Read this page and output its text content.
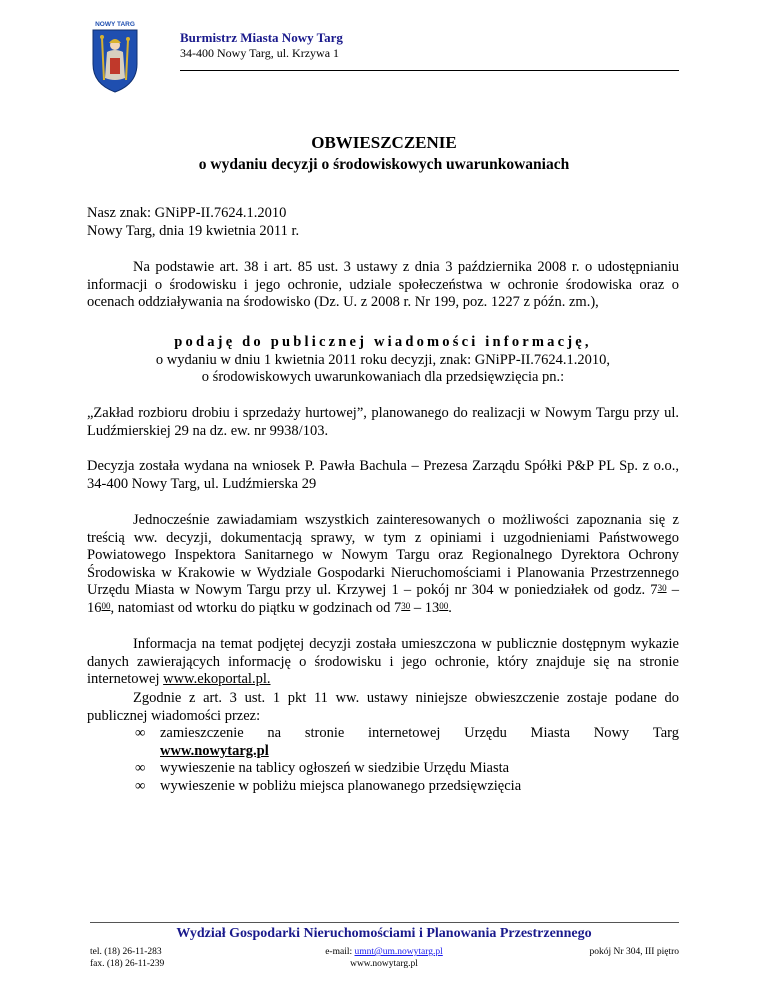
NOWY TARG
Burmistrz Miasta Nowy Targ
34-400 Nowy Targ, ul. Krzywa 1
OBWIESZCZENIE
o wydaniu decyzji o środowiskowych uwarunkowaniach
Nasz znak: GNiPP-II.7624.1.2010
Nowy Targ, dnia 19 kwietnia 2011 r.
Na podstawie art. 38 i art. 85 ust. 3 ustawy z dnia 3 października 2008 r. o udostępnianiu informacji o środowisku i jego ochronie, udziale społeczeństwa w ochronie środowiska oraz o ocenach oddziaływania na środowisko (Dz. U. z 2008 r. Nr 199, poz. 1227 z późn. zm.),
podaję do publicznej wiadomości informację,
o wydaniu w dniu 1 kwietnia 2011 roku decyzji, znak: GNiPP-II.7624.1.2010,
o środowiskowych uwarunkowaniach dla przedsięwzięcia pn.:
„Zakład rozbioru drobiu i sprzedaży hurtowej”, planowanego do realizacji w Nowym Targu przy ul. Ludźmierskiej 29 na dz. ew. nr 9938/103.
Decyzja została wydana na wniosek P. Pawła Bachula – Prezesa Zarządu Spółki P&P PL Sp. z o.o., 34-400 Nowy Targ, ul. Ludźmierska 29
Jednocześnie zawiadamiam wszystkich zainteresowanych o możliwości zapoznania się z treścią ww. decyzji, dokumentacją sprawy, w tym z opiniami i uzgodnieniami Państwowego Powiatowego Inspektora Sanitarnego w Nowym Targu oraz Regionalnego Dyrektora Ochrony Środowiska w Krakowie w Wydziale Gospodarki Nieruchomościami i Planowania Przestrzennego Urzędu Miasta w Nowym Targu przy ul. Krzywej 1 – pokój nr 304 w poniedziałek od godz. $7^{30} - 16^{00}$, natomiast od wtorku do piątku w godzinach od $7^{30} - 13^{00}$.
Informacja na temat podjętej decyzji została umieszczona w publicznie dostępnym wykazie danych zawierających informację o środowisku i jego ochronie, który znajduje się na stronie internetowej www.ekoportal.pl.
Zgodnie z art. 3 ust. 1 pkt 11 ww. ustawy niniejsze obwieszczenie zostaje podane do publicznej wiadomości przez:
∞ zamieszczenie na stronie internetowej Urzędu Miasta Nowy Targ
www.nowytarg.pl
∞ wywieszenie na tablicy ogłoszeń w siedzibie Urzędu Miasta
∞ wywieszenie w pobliżu miejsca planowanego przedsięwzięcia
Wydział Gospodarki Nieruchomościami i Planowania Przestrzennego
tel. (18) 26-11-283
fax. (18) 26-11-239
e-mail: umnt@um.nowytarg.pl
www.nowytarg.pl
pokój Nr 304, III piętro
